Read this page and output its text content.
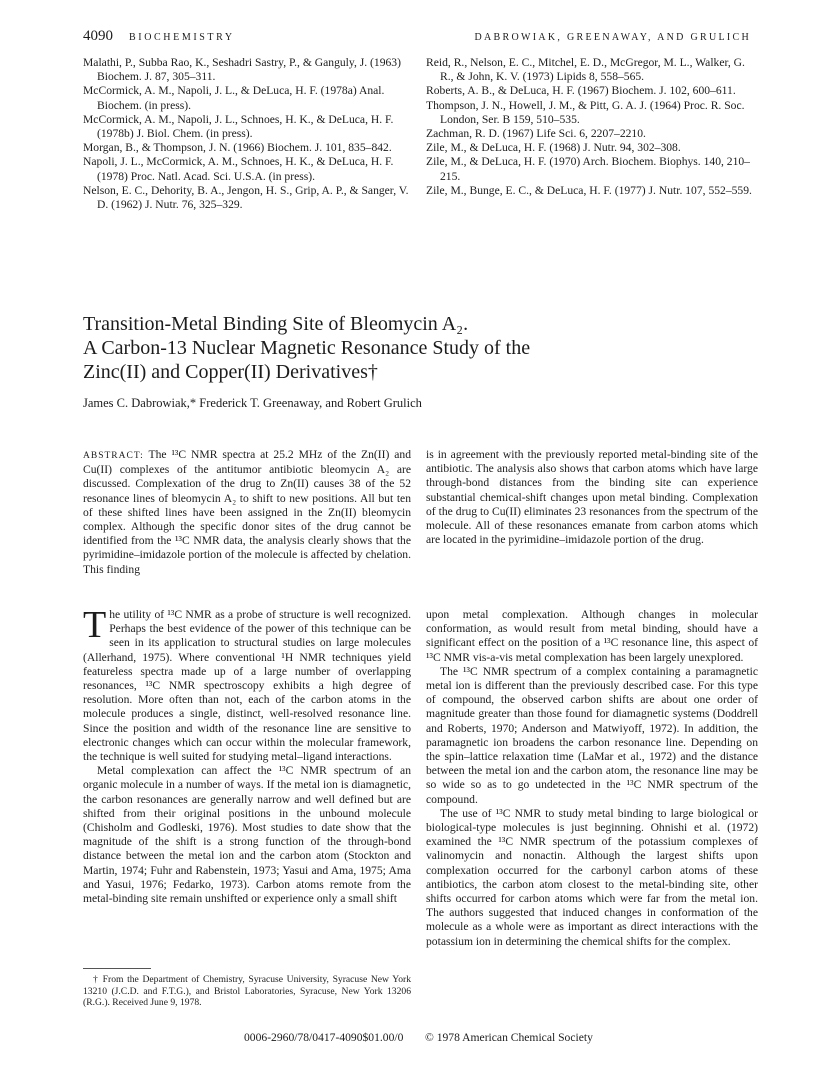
4090 BIOCHEMISTRY	DABROWIAK, GREENAWAY, AND GRULICH

Malathi, P., Subba Rao, K., Seshadri Sastry, P., & Ganguly, J. (1963) Biochem. J. 87, 305–311.

McCormick, A. M., Napoli, J. L., & DeLuca, H. F. (1978a) Anal. Biochem. (in press).

McCormick, A. M., Napoli, J. L., Schnoes, H. K., & DeLuca, H. F. (1978b) J. Biol. Chem. (in press).

Morgan, B., & Thompson, J. N. (1966) Biochem. J. 101, 835–842.

Napoli, J. L., McCormick, A. M., Schnoes, H. K., & DeLuca, H. F. (1978) Proc. Natl. Acad. Sci. U.S.A. (in press).

Nelson, E. C., Dehority, B. A., Jengon, H. S., Grip, A. P., & Sanger, V. D. (1962) J. Nutr. 76, 325–329.

Reid, R., Nelson, E. C., Mitchel, E. D., McGregor, M. L., Walker, G. R., & John, K. V. (1973) Lipids 8, 558–565.

Roberts, A. B., & DeLuca, H. F. (1967) Biochem. J. 102, 600–611.

Thompson, J. N., Howell, J. M., & Pitt, G. A. J. (1964) Proc. R. Soc. London, Ser. B 159, 510–535.

Zachman, R. D. (1967) Life Sci. 6, 2207–2210.

Zile, M., & DeLuca, H. F. (1968) J. Nutr. 94, 302–308.

Zile, M., & DeLuca, H. F. (1970) Arch. Biochem. Biophys. 140, 210–215.

Zile, M., Bunge, E. C., & DeLuca, H. F. (1977) J. Nutr. 107, 552–559.

Transition-Metal Binding Site of Bleomycin A₂.
A Carbon-13 Nuclear Magnetic Resonance Study of the
Zinc(II) and Copper(II) Derivatives†
James C. Dabrowiak,* Frederick T. Greenaway, and Robert Grulich
ABSTRACT: The ¹³C NMR spectra at 25.2 MHz of the Zn(II) and Cu(II) complexes of the antitumor antibiotic bleomycin A₂ are discussed. Complexation of the drug to Zn(II) causes 38 of the 52 resonance lines of bleomycin A₂ to shift to new positions. All but ten of these shifted lines have been assigned in the Zn(II) bleomycin complex. Although the specific donor sites of the drug cannot be identified from the ¹³C NMR data, the analysis clearly shows that the pyrimidine–imidazole portion of the molecule is affected by chelation. This finding
is in agreement with the previously reported metal-binding site of the antibiotic. The analysis also shows that carbon atoms which have large through-bond distances from the binding site can experience substantial chemical-shift changes upon metal binding. Complexation of the drug to Cu(II) eliminates 23 resonances from the spectrum of the molecule. All of these resonances emanate from carbon atoms which are located in the pyrimidine–imidazole portion of the drug.

The utility of ¹³C NMR as a probe of structure is well recognized. Perhaps the best evidence of the power of this technique can be seen in its application to structural studies on large molecules (Allerhand, 1975). Where conventional ¹H NMR techniques yield featureless spectra made up of a large number of overlapping resonances, ¹³C NMR spectroscopy exhibits a high degree of resolution. More often than not, each of the carbon atoms in the molecule produces a single, distinct, well-resolved resonance line. Since the position and width of the resonance line are sensitive to electronic changes which can occur within the molecular framework, the technique is well suited for studying metal–ligand interactions.

Metal complexation can affect the ¹³C NMR spectrum of an organic molecule in a number of ways. If the metal ion is diamagnetic, the carbon resonances are generally narrow and well defined but are shifted from their original positions in the unbound molecule (Chisholm and Godleski, 1976). Most studies to date show that the magnitude of the shift is a strong function of the through-bond distance between the metal ion and the carbon atom (Stockton and Martin, 1974; Fuhr and Rabenstein, 1973; Yasui and Ama, 1975; Ama and Yasui, 1976; Fedarko, 1973). Carbon atoms remote from the metal-binding site remain unshifted or experience only a small shift

upon metal complexation. Although changes in molecular conformation, as would result from metal binding, should have a significant effect on the position of a ¹³C resonance line, this aspect of ¹³C NMR vis-a-vis metal complexation has been largely unexplored.

The ¹³C NMR spectrum of a complex containing a paramagnetic metal ion is different than the previously described case. For this type of compound, the observed carbon shifts are about one order of magnitude greater than those found for diamagnetic systems (Doddrell and Roberts, 1970; Anderson and Matwiyoff, 1972). In addition, the paramagnetic ion broadens the carbon resonance line. Depending on the spin–lattice relaxation time (LaMar et al., 1972) and the distance between the metal ion and the carbon atom, the resonance line may be so wide so as to go undetected in the ¹³C NMR spectrum of the compound.

The use of ¹³C NMR to study metal binding to large biological or biological-type molecules is just beginning. Ohnishi et al. (1972) examined the ¹³C NMR spectrum of the potassium complexes of valinomycin and nonactin. Although the largest shifts upon complexation occurred for the carbonyl carbon atoms of these antibiotics, the carbon atom closest to the metal-binding site, other shifts occurred for carbon atoms which were far from the metal ion. The authors suggested that induced changes in conformation of the molecule as a whole were as important as direct interactions with the potassium ion in determining the chemical shifts for the complex.

† From the Department of Chemistry, Syracuse University, Syracuse New York 13210 (J.C.D. and F.T.G.), and Bristol Laboratories, Syracuse, New York 13206 (R.G.). Received June 9, 1978.

0006-2960/78/0417-4090$01.00/0 © 1978 American Chemical Society
